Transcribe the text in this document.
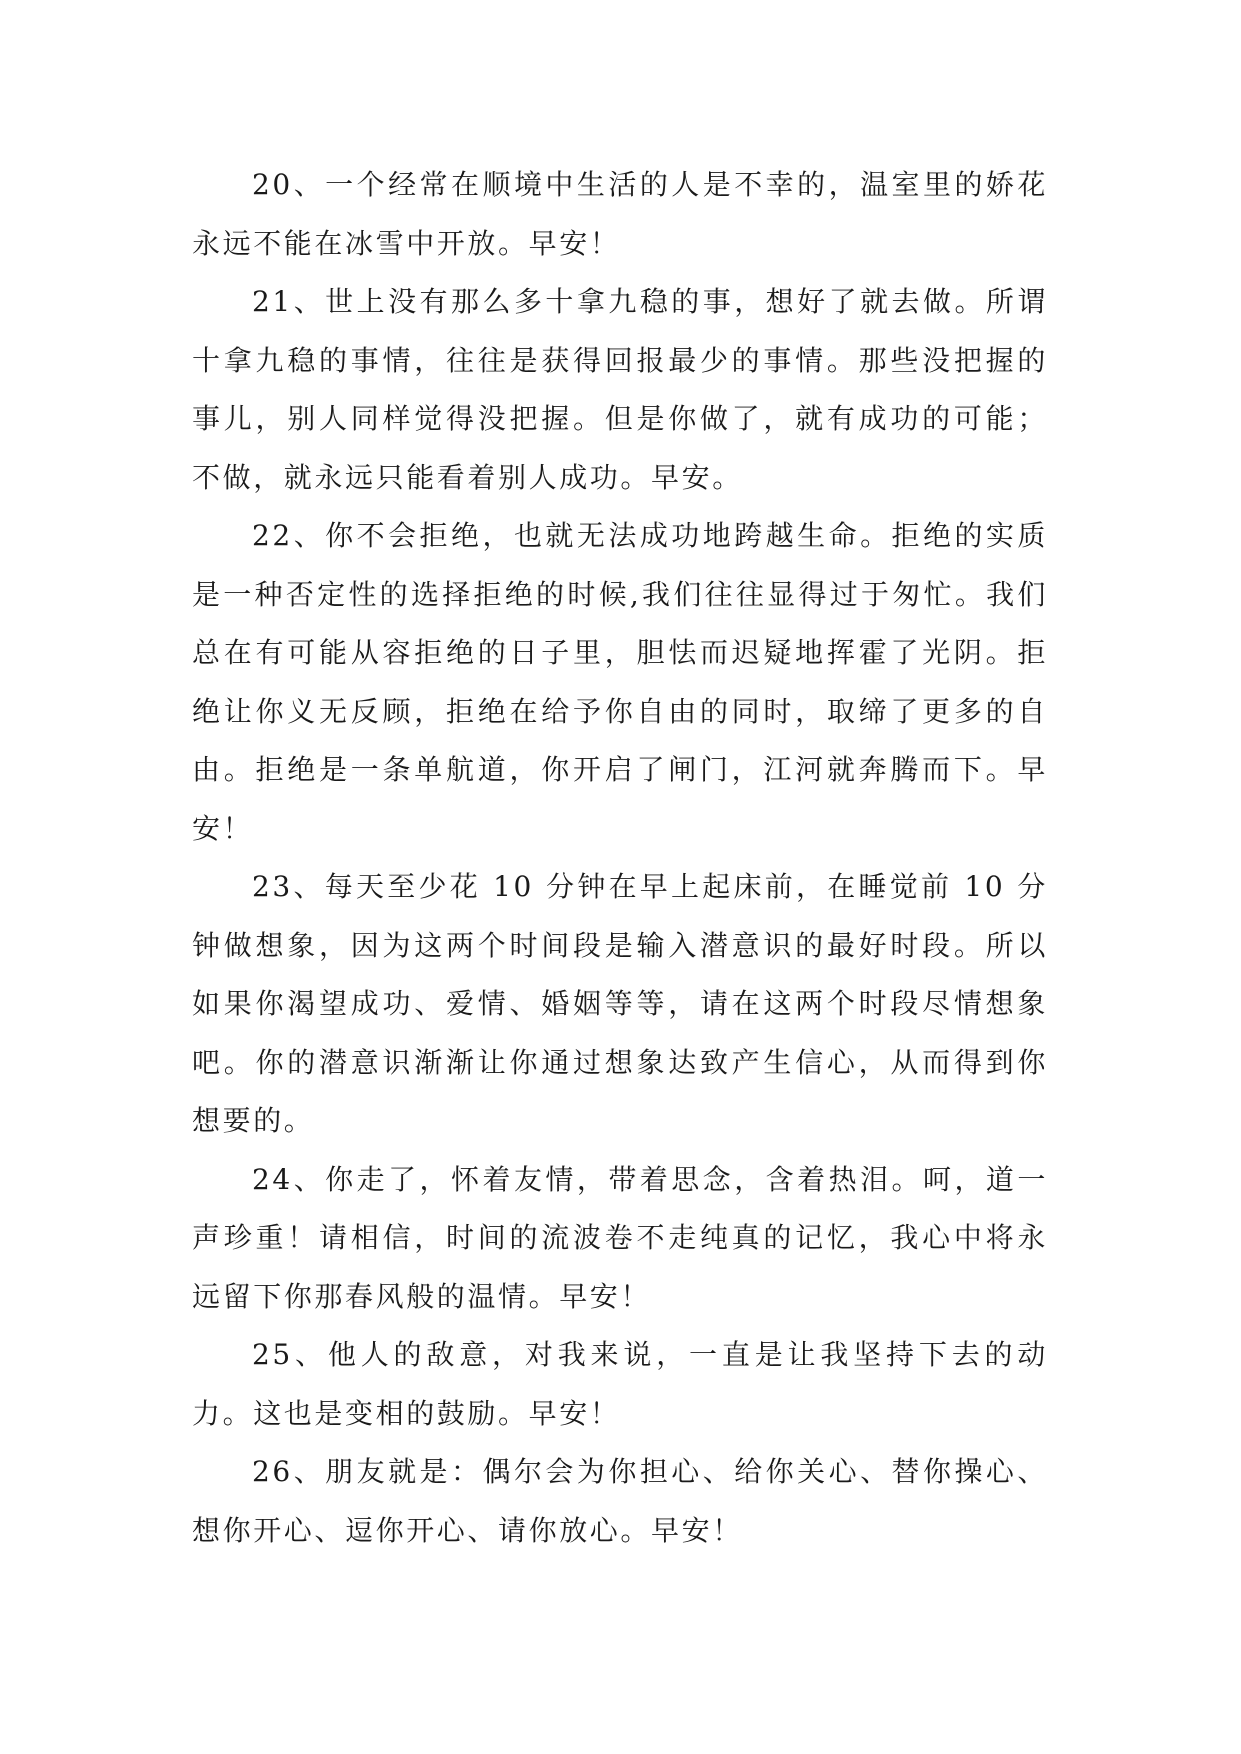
20、一个经常在顺境中生活的人是不幸的，温室里的娇花永远不能在冰雪中开放。早安！

21、世上没有那么多十拿九稳的事，想好了就去做。所谓十拿九稳的事情，往往是获得回报最少的事情。那些没把握的事儿，别人同样觉得没把握。但是你做了，就有成功的可能；不做，就永远只能看着别人成功。早安。

22、你不会拒绝，也就无法成功地跨越生命。拒绝的实质是一种否定性的选择拒绝的时候,我们往往显得过于匆忙。我们总在有可能从容拒绝的日子里，胆怯而迟疑地挥霍了光阴。拒绝让你义无反顾，拒绝在给予你自由的同时，取缔了更多的自由。拒绝是一条单航道，你开启了闸门，江河就奔腾而下。早安！

23、每天至少花 10 分钟在早上起床前，在睡觉前 10 分钟做想象，因为这两个时间段是输入潜意识的最好时段。所以如果你渴望成功、爱情、婚姻等等，请在这两个时段尽情想象吧。你的潜意识渐渐让你通过想象达致产生信心，从而得到你想要的。

24、你走了，怀着友情，带着思念，含着热泪。呵，道一声珍重！请相信，时间的流波卷不走纯真的记忆，我心中将永远留下你那春风般的温情。早安！

25、他人的敌意，对我来说，一直是让我坚持下去的动力。这也是变相的鼓励。早安！

26、朋友就是：偶尔会为你担心、给你关心、替你操心、想你开心、逗你开心、请你放心。早安！
